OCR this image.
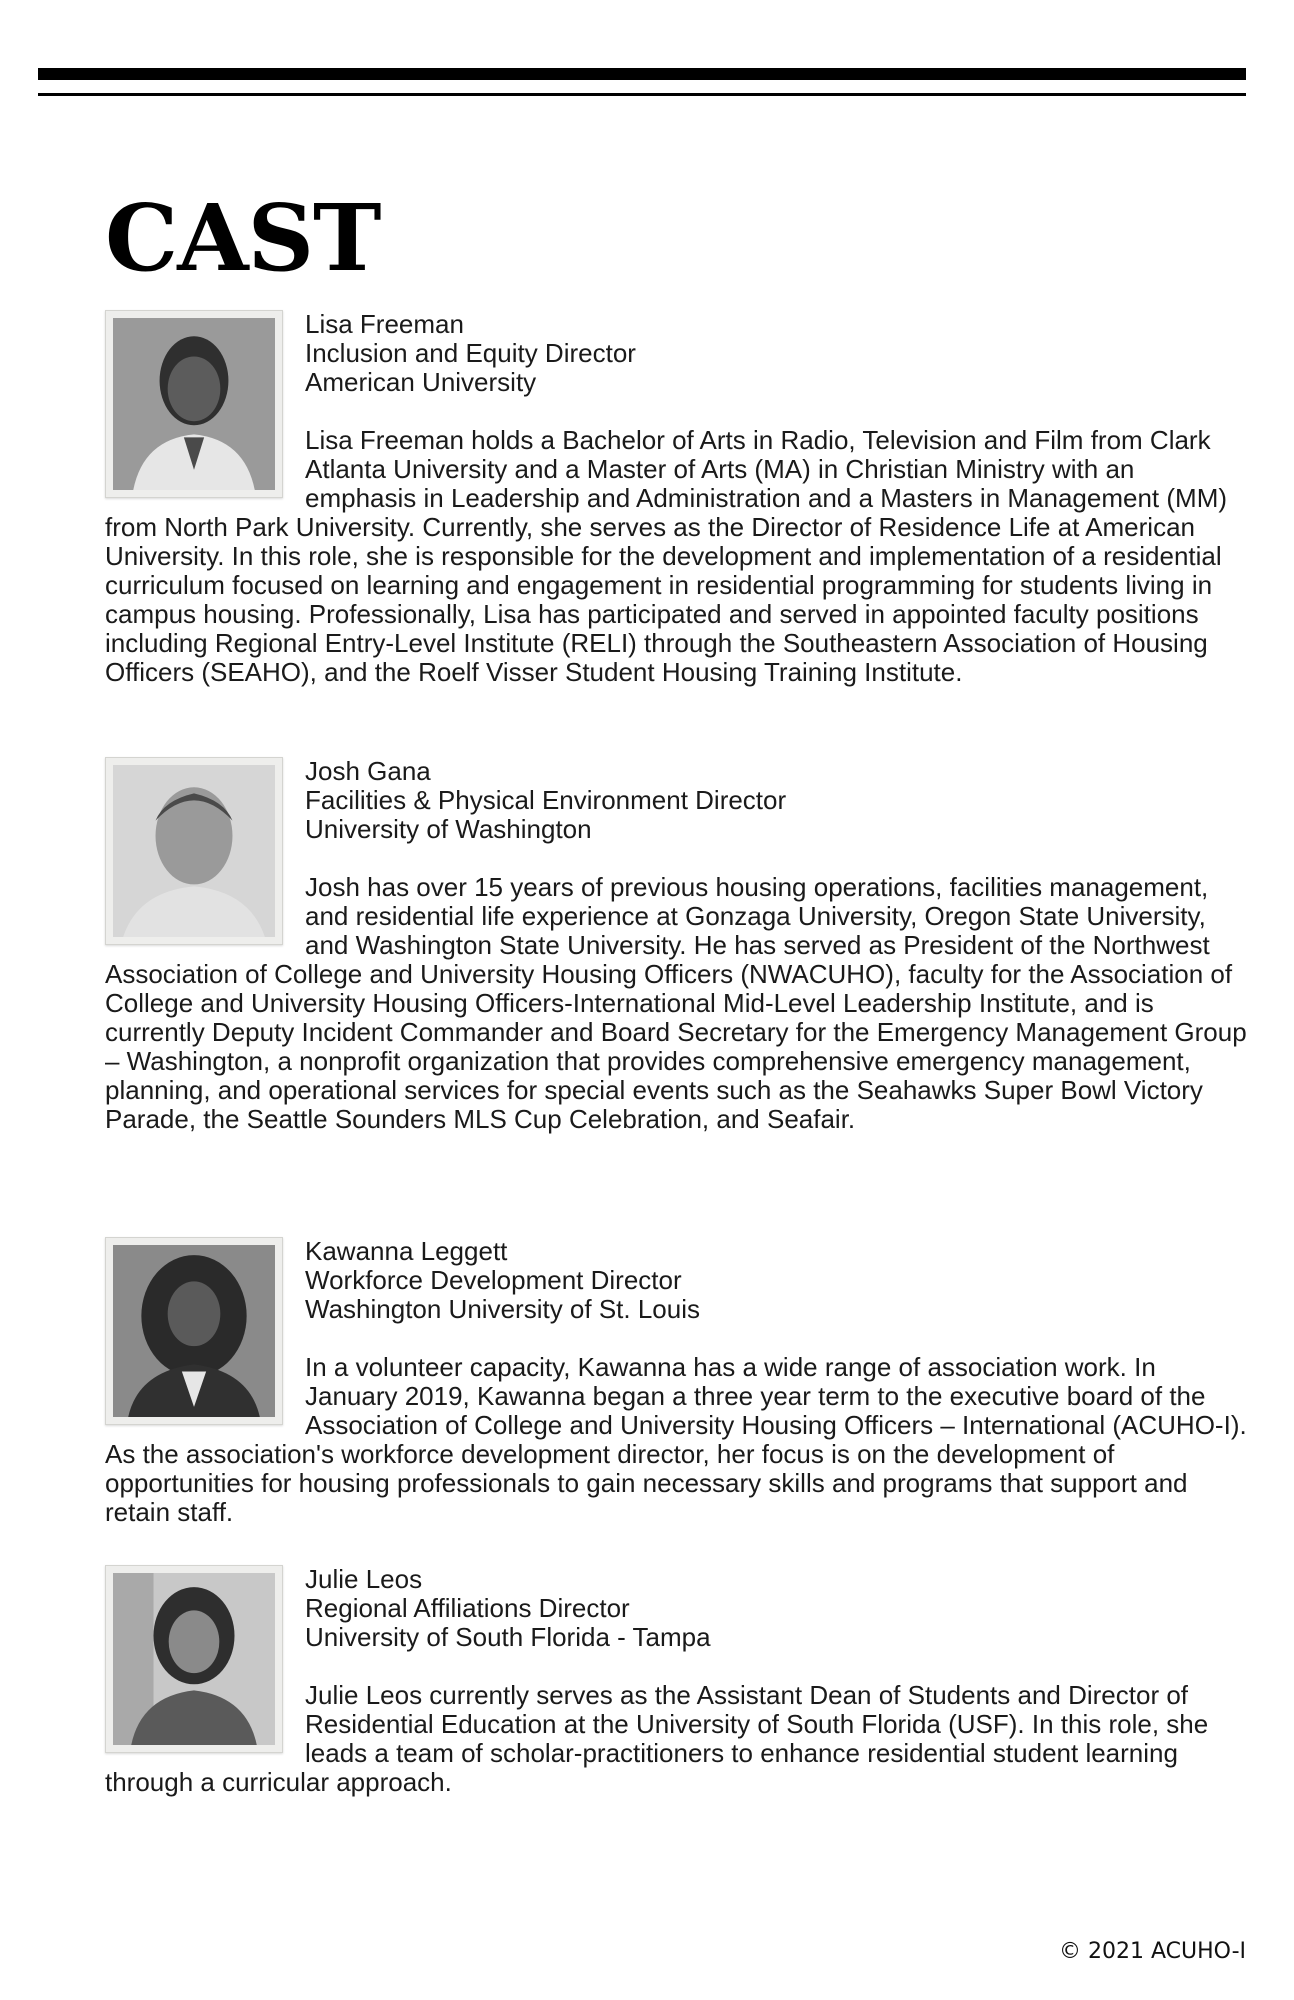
CAST
Lisa Freeman
Inclusion and Equity Director
American University

Lisa Freeman holds a Bachelor of Arts in Radio, Television and Film from Clark Atlanta University and a Master of Arts (MA) in Christian Ministry with an emphasis in Leadership and Administration and a Masters in Management (MM) from North Park University. Currently, she serves as the Director of Residence Life at American University. In this role, she is responsible for the development and implementation of a residential curriculum focused on learning and engagement in residential programming for students living in campus housing. Professionally, Lisa has participated and served in appointed faculty positions including Regional Entry-Level Institute (RELI) through the Southeastern Association of Housing Officers (SEAHO), and the Roelf Visser Student Housing Training Institute.

Josh Gana
Facilities & Physical Environment Director
University of Washington

Josh has over 15 years of previous housing operations, facilities management, and residential life experience at Gonzaga University, Oregon State University, and Washington State University. He has served as President of the Northwest Association of College and University Housing Officers (NWACUHO), faculty for the Association of College and University Housing Officers-International Mid-Level Leadership Institute, and is currently Deputy Incident Commander and Board Secretary for the Emergency Management Group – Washington, a nonprofit organization that provides comprehensive emergency management, planning, and operational services for special events such as the Seahawks Super Bowl Victory Parade, the Seattle Sounders MLS Cup Celebration, and Seafair.

Kawanna Leggett
Workforce Development Director
Washington University of St. Louis

In a volunteer capacity, Kawanna has a wide range of association work. In January 2019, Kawanna began a three year term to the executive board of the Association of College and University Housing Officers – International (ACUHO-I). As the association's workforce development director, her focus is on the development of opportunities for housing professionals to gain necessary skills and programs that support and retain staff.

Julie Leos
Regional Affiliations Director
University of South Florida - Tampa

Julie Leos currently serves as the Assistant Dean of Students and Director of Residential Education at the University of South Florida (USF). In this role, she leads a team of scholar-practitioners to enhance residential student learning through a curricular approach.

© 2021 ACUHO-I
